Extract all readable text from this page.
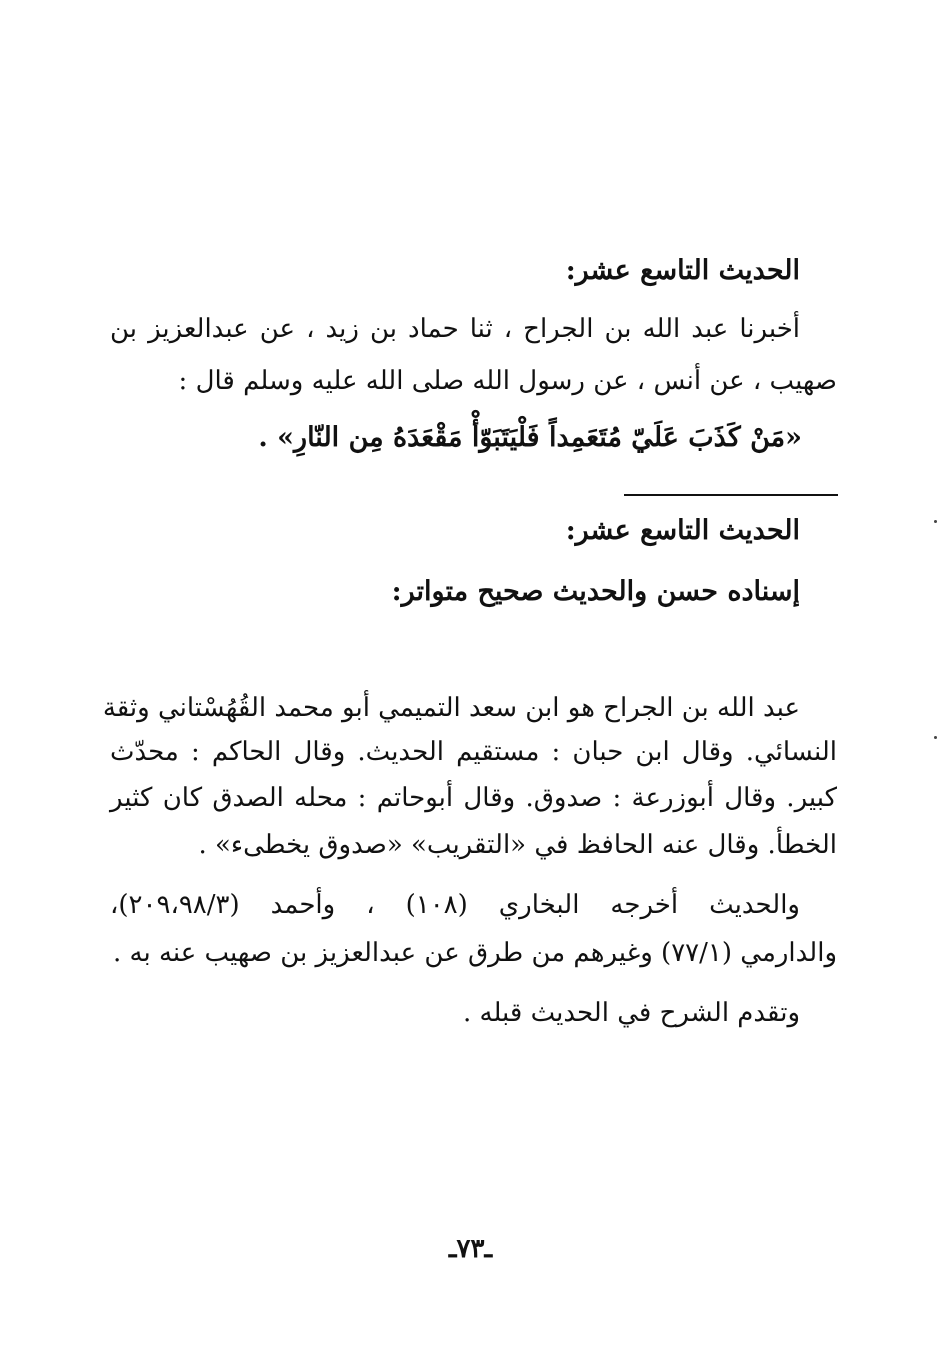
الحديث التاسع عشر:
أخبرنا عبد الله بن الجراح ، ثنا حماد بن زيد ، عن عبدالعزيز بن
صهيب ، عن أنس ، عن رسول الله صلى الله عليه وسلم قال :
«مَنْ كَذَبَ عَلَيّ مُتَعَمِداً فَلْيَتَبَوّأْ مَقْعَدَهُ مِن النّارِ» .
الحديث التاسع عشر:
إسناده حسن والحديث صحيح متواتر:
عبد الله بن الجراح هو ابن سعد التميمي أبو محمد القُهُسْتاني وثقة
النسائي. وقال ابن حبان : مستقيم الحديث. وقال الحاكم : محدّث
كبير. وقال أبوزرعة : صدوق. وقال أبوحاتم : محله الصدق كان كثير
الخطأ. وقال عنه الحافظ في «التقريب» «صدوق يخطىء» .
والحديث أخرجه البخاري (١٠٨) ، وأحمد (٢٠٩،٩٨/٣)،
والدارمي (٧٧/١) وغيرهم من طرق عن عبدالعزيز بن صهيب عنه به .
وتقدم الشرح في الحديث قبله .
ـ٧٣ـ
